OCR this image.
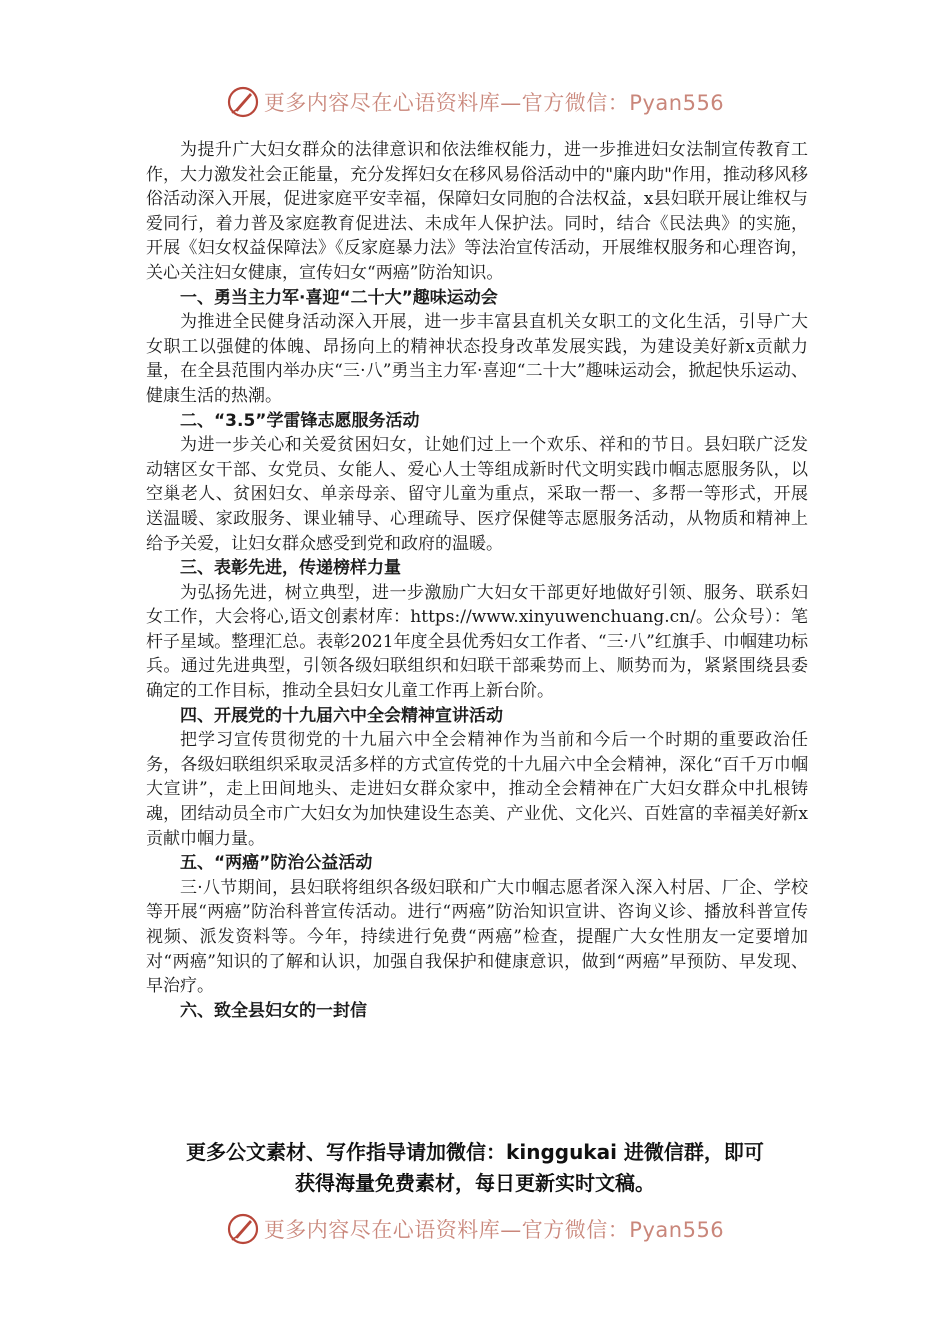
更多内容尽在心语资料库—官方微信：Pyan556

为提升广大妇女群众的法律意识和依法维权能力，进一步推进妇女法制宣传教育工作，大力激发社会正能量，充分发挥妇女在移风易俗活动中的"廉内助"作用，推动移风移俗活动深入开展，促进家庭平安幸福，保障妇女同胞的合法权益，x县妇联开展让维权与爱同行，着力普及家庭教育促进法、未成年人保护法。同时，结合《民法典》的实施，开展《妇女权益保障法》《反家庭暴力法》等法治宣传活动，开展维权服务和心理咨询，关心关注妇女健康，宣传妇女“两癌”防治知识。

一、勇当主力军·喜迎“二十大”趣味运动会

为推进全民健身活动深入开展，进一步丰富县直机关女职工的文化生活，引导广大女职工以强健的体魄、昂扬向上的精神状态投身改革发展实践，为建设美好新x贡献力量，在全县范围内举办庆“三·八”勇当主力军·喜迎“二十大”趣味运动会，掀起快乐运动、健康生活的热潮。

二、“3.5”学雷锋志愿服务活动

为进一步关心和关爱贫困妇女，让她们过上一个欢乐、祥和的节日。县妇联广泛发动辖区女干部、女党员、女能人、爱心人士等组成新时代文明实践巾帼志愿服务队，以空巢老人、贫困妇女、单亲母亲、留守儿童为重点，采取一帮一、多帮一等形式，开展送温暖、家政服务、课业辅导、心理疏导、医疗保健等志愿服务活动，从物质和精神上给予关爱，让妇女群众感受到党和政府的温暖。

三、表彰先进，传递榜样力量

为弘扬先进，树立典型，进一步激励广大妇女干部更好地做好引领、服务、联系妇女工作，大会将心,语文创素材库：https://www.xinyuwenchuang.cn/。公众号）：笔杆子星域。整理汇总。表彰2021年度全县优秀妇女工作者、“三·八”红旗手、巾帼建功标兵。通过先进典型，引领各级妇联组织和妇联干部乘势而上、顺势而为，紧紧围绕县委确定的工作目标，推动全县妇女儿童工作再上新台阶。

四、开展党的十九届六中全会精神宣讲活动

把学习宣传贯彻党的十九届六中全会精神作为当前和今后一个时期的重要政治任务，各级妇联组织采取灵活多样的方式宣传党的十九届六中全会精神，深化“百千万巾帼大宣讲”，走上田间地头、走进妇女群众家中，推动全会精神在广大妇女群众中扎根铸魂，团结动员全市广大妇女为加快建设生态美、产业优、文化兴、百姓富的幸福美好新x贡献巾帼力量。

五、“两癌”防治公益活动

三·八节期间，县妇联将组织各级妇联和广大巾帼志愿者深入深入村居、厂企、学校等开展“两癌”防治科普宣传活动。进行“两癌”防治知识宣讲、咨询义诊、播放科普宣传视频、派发资料等。今年，持续进行免费“两癌”检查，提醒广大女性朋友一定要增加对“两癌”知识的了解和认识，加强自我保护和健康意识，做到“两癌”早预防、早发现、早治疗。

六、致全县妇女的一封信

更多公文素材、写作指导请加微信：kinggukai 进微信群，即可
获得海量免费素材，每日更新实时文稿。
更多内容尽在心语资料库—官方微信：Pyan556
